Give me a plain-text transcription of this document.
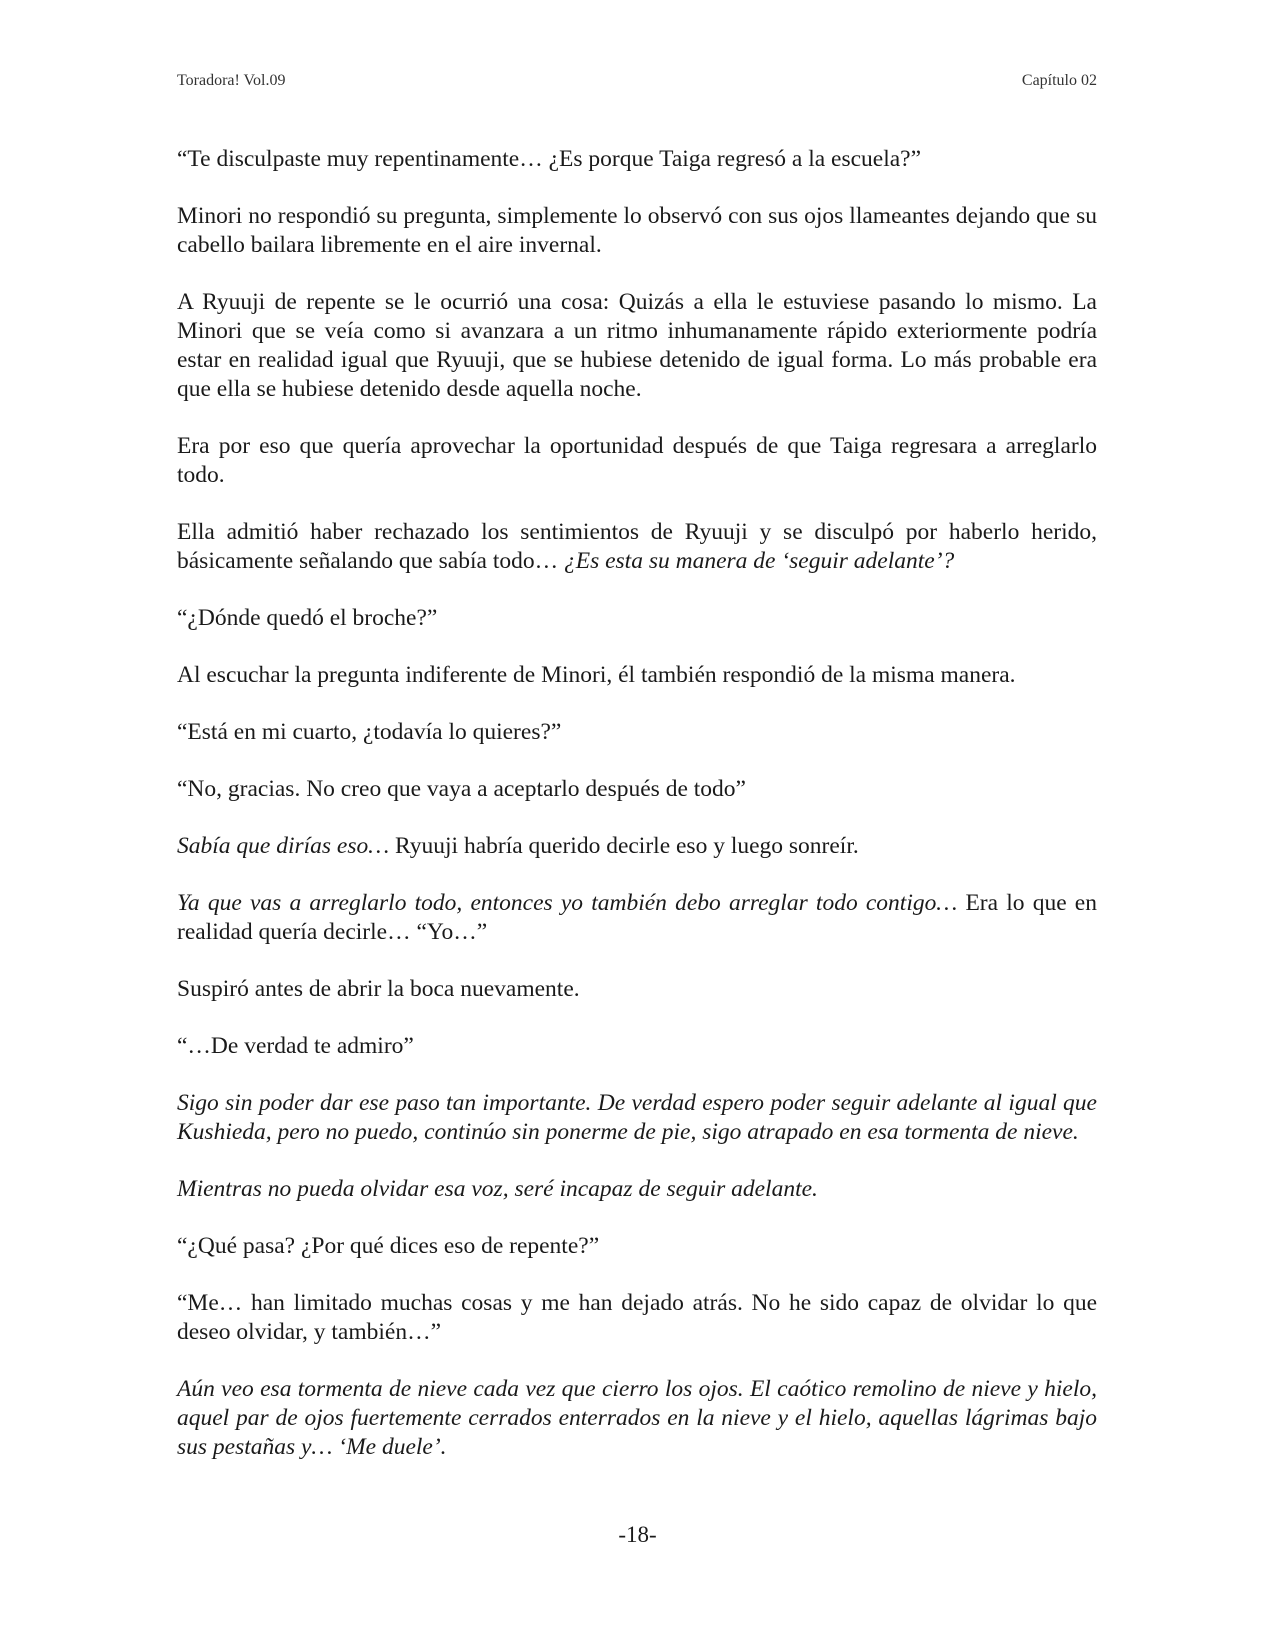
Toradora! Vol.09	Capítulo 02

“Te disculpaste muy repentinamente… ¿Es porque Taiga regresó a la escuela?”

Minori no respondió su pregunta, simplemente lo observó con sus ojos llameantes dejando que su cabello bailara libremente en el aire invernal.

A Ryuuji de repente se le ocurrió una cosa: Quizás a ella le estuviese pasando lo mismo. La Minori que se veía como si avanzara a un ritmo inhumanamente rápido exteriormente podría estar en realidad igual que Ryuuji, que se hubiese detenido de igual forma. Lo más probable era que ella se hubiese detenido desde aquella noche.

Era por eso que quería aprovechar la oportunidad después de que Taiga regresara a arreglarlo todo.

Ella admitió haber rechazado los sentimientos de Ryuuji y se disculpó por haberlo herido, básicamente señalando que sabía todo… ¿Es esta su manera de ‘seguir adelante’?

“¿Dónde quedó el broche?”

Al escuchar la pregunta indiferente de Minori, él también respondió de la misma manera.

“Está en mi cuarto, ¿todavía lo quieres?”

“No, gracias. No creo que vaya a aceptarlo después de todo”

Sabía que dirías eso… Ryuuji habría querido decirle eso y luego sonreír.

Ya que vas a arreglarlo todo, entonces yo también debo arreglar todo contigo… Era lo que en realidad quería decirle… “Yo…”

Suspiró antes de abrir la boca nuevamente.

“…De verdad te admiro”

Sigo sin poder dar ese paso tan importante. De verdad espero poder seguir adelante al igual que Kushieda, pero no puedo, continúo sin ponerme de pie, sigo atrapado en esa tormenta de nieve.

Mientras no pueda olvidar esa voz, seré incapaz de seguir adelante.

“¿Qué pasa? ¿Por qué dices eso de repente?”

“Me… han limitado muchas cosas y me han dejado atrás. No he sido capaz de olvidar lo que deseo olvidar, y también…”

Aún veo esa tormenta de nieve cada vez que cierro los ojos. El caótico remolino de nieve y hielo, aquel par de ojos fuertemente cerrados enterrados en la nieve y el hielo, aquellas lágrimas bajo sus pestañas y… ‘Me duele’.

-18-
